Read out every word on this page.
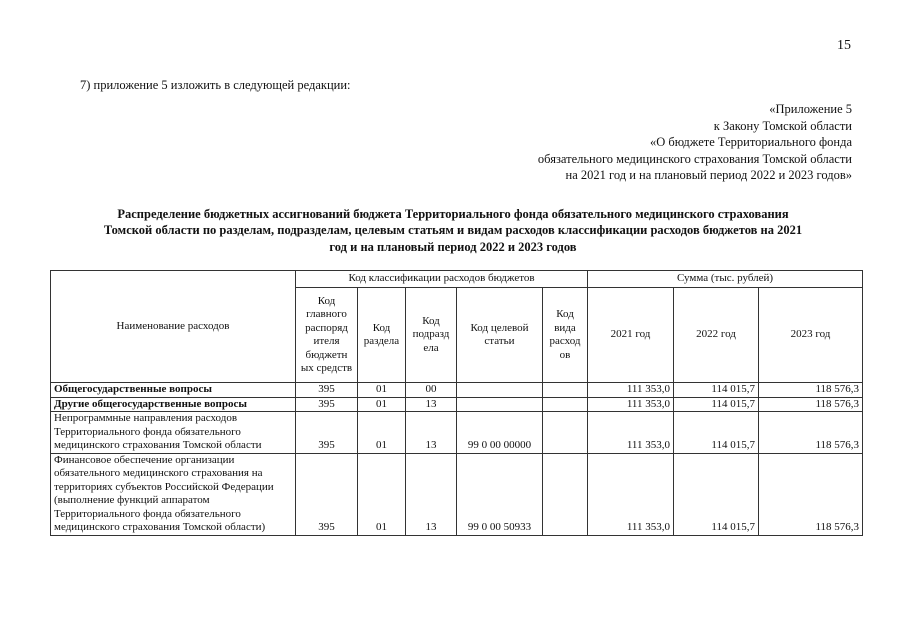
15
7) приложение 5 изложить в следующей редакции:
«Приложение 5
к Закону Томской области
«О бюджете Территориального фонда
обязательного медицинского страхования Томской области
на 2021 год и на плановый период 2022 и 2023 годов»
Распределение бюджетных ассигнований бюджета Территориального фонда обязательного медицинского страхования
Томской области по разделам, подразделам, целевым статьям и видам расходов классификации расходов бюджетов на 2021
год и на плановый период 2022 и 2023 годов
Наименование расходов	Код классификации расходов бюджетов					Сумма (тыс. рублей)		
	Код главного распоряд ителя бюджетн ых средств	Код раздела	Код подразд ела	Код целевой статьи	Код вида расход ов	2021 год	2022 год	2023 год
Общегосударственные вопросы	395	01	00			111 353,0	114 015,7	118 576,3
Другие общегосударственные вопросы	395	01	13			111 353,0	114 015,7	118 576,3
Непрограммные направления расходов Территориального фонда обязательного медицинского страхования Томской области	395	01	13	99 0 00 00000		111 353,0	114 015,7	118 576,3
Финансовое обеспечение организации обязательного медицинского страхования на территориях субъектов Российской Федерации (выполнение функций аппаратом Территориального фонда обязательного медицинского страхования Томской области)	395	01	13	99 0 00 50933		111 353,0	114 015,7	118 576,3
